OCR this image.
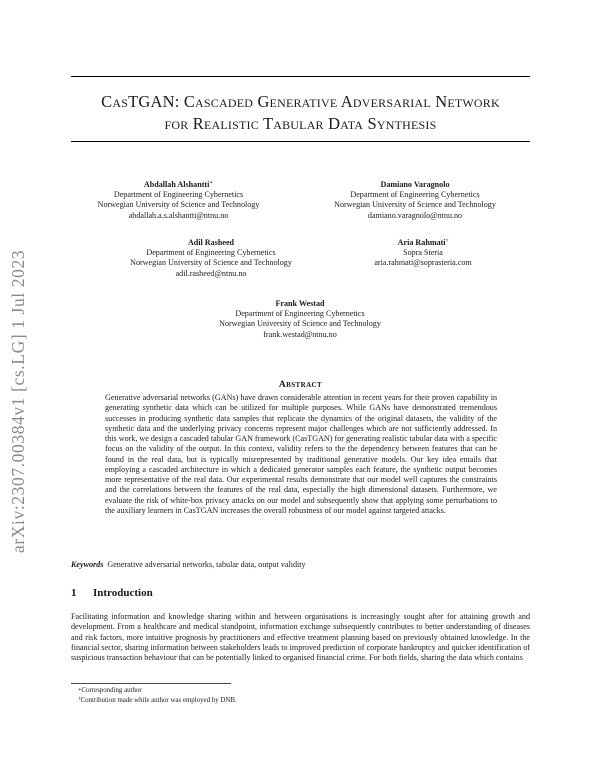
arXiv:2307.00384v1 [cs.LG] 1 Jul 2023
CasTGAN: Cascaded Generative Adversarial Network
for Realistic Tabular Data Synthesis
Abdallah Alshantti∗
Department of Engineering Cybernetics
Norwegian University of Science and Technology
abdallah.a.s.alshantti@ntnu.no
Damiano Varagnolo
Department of Engineering Cybernetics
Norwegian University of Science and Technology
damiano.varagnolo@ntnu.no
Adil Rasheed
Department of Engineering Cybernetics
Norwegian University of Science and Technology
adil.rasheed@ntnu.no
Aria Rahmati†
Sopra Steria
aria.rahmati@soprasteria.com
Frank Westad
Department of Engineering Cybernetics
Norwegian University of Science and Technology
frank.westad@ntnu.no
Abstract
Generative adversarial networks (GANs) have drawn considerable attention in recent years for their proven capability in generating synthetic data which can be utilized for multiple purposes. While GANs have demonstrated tremendous successes in producing synthetic data samples that replicate the dynamics of the original datasets, the validity of the synthetic data and the underlying privacy concerns represent major challenges which are not sufficiently addressed. In this work, we design a cascaded tabular GAN framework (CasTGAN) for generating realistic tabular data with a specific focus on the validity of the output. In this context, validity refers to the the dependency between features that can be found in the real data, but is typically misrepresented by traditional generative models. Our key idea entails that employing a cascaded architecture in which a dedicated generator samples each feature, the synthetic output becomes more representative of the real data. Our experimental results demonstrate that our model well captures the constraints and the correlations between the features of the real data, especially the high dimensional datasets. Furthermore, we evaluate the risk of white-box privacy attacks on our model and subsequently show that applying some perturbations to the auxiliary learners in CasTGAN increases the overall robustness of our model against targeted attacks.
Keywords Generative adversarial networks, tabular data, output validity
1 Introduction
Facilitating information and knowledge sharing within and between organisations is increasingly sought after for attaining growth and development. From a healthcare and medical standpoint, information exchange subsequently contributes to better understanding of diseases and risk factors, more intuitive prognosis by practitioners and effective treatment planning based on previously obtained knowledge. In the financial sector, sharing information between stakeholders leads to improved prediction of corporate bankruptcy and quicker identification of suspicious transaction behaviour that can be potentially linked to organised financial crime. For both fields, sharing the data which contains
∗Corresponding author
†Contribution made while author was employed by DNB.
